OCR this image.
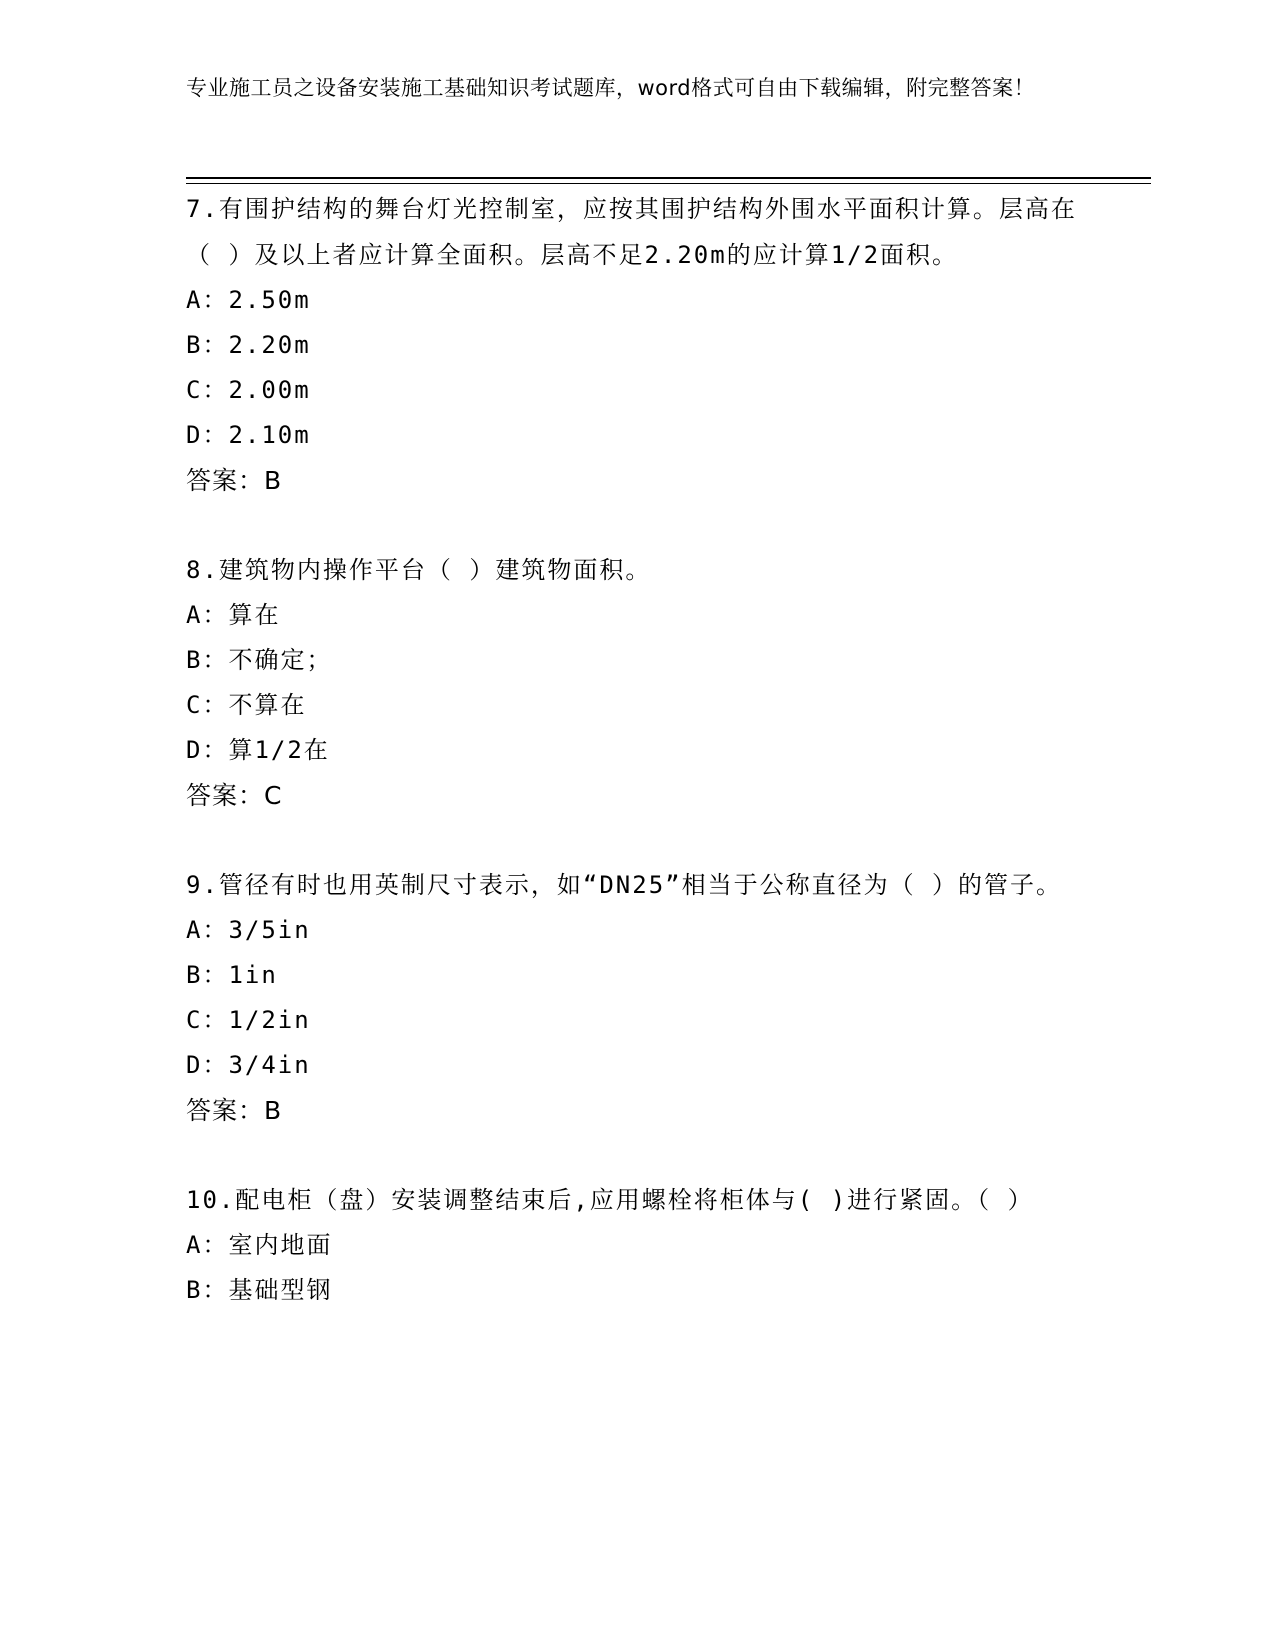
专业施工员之设备安装施工基础知识考试题库，word格式可自由下载编辑，附完整答案！
7.有围护结构的舞台灯光控制室，应按其围护结构外围水平面积计算。层高在（ ）及以上者应计算全面积。层高不足2.20m的应计算1/2面积。
A：2.50m
B：2.20m
C：2.00m
D：2.10m
答案：B
8.建筑物内操作平台（ ）建筑物面积。
A：算在
B：不确定；
C：不算在
D：算1/2在
答案：C
9.管径有时也用英制尺寸表示，如“DN25”相当于公称直径为（ ）的管子。
A：3/5in
B：1in
C：1/2in
D：3/4in
答案：B
10.配电柜（盘）安装调整结束后,应用螺栓将柜体与( )进行紧固。（ ）
A：室内地面
B：基础型钢
